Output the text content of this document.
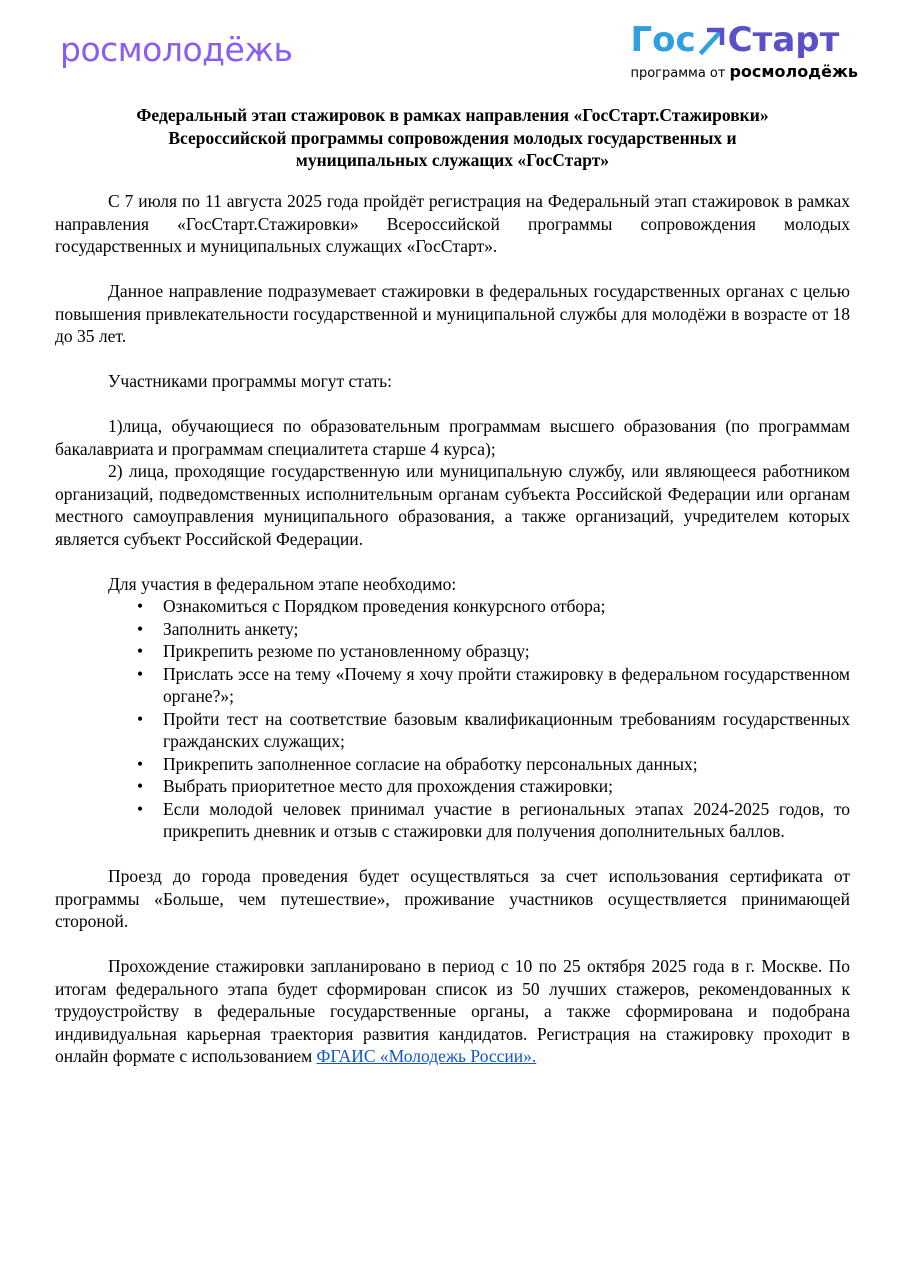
росмолодёжь	Гос Старт
программа от росмолодёжь
Федеральный этап стажировок в рамках направления «ГосСтарт.Стажировки»
Всероссийской программы сопровождения молодых государственных и
муниципальных служащих «ГосСтарт»

С 7 июля по 11 августа 2025 года пройдёт регистрация на Федеральный этап стажировок в рамках направления «ГосСтарт.Стажировки» Всероссийской программы сопровождения молодых государственных и муниципальных служащих «ГосСтарт».

Данное направление подразумевает стажировки в федеральных государственных органах с целью повышения привлекательности государственной и муниципальной службы для молодёжи в возрасте от 18 до 35 лет.

Участниками программы могут стать:

1)лица, обучающиеся по образовательным программам высшего образования (по программам бакалавриата и программам специалитета старше 4 курса);

2) лица, проходящие государственную или муниципальную службу, или являющееся работником организаций, подведомственных исполнительным органам субъекта Российской Федерации или органам местного самоуправления муниципального образования, а также организаций, учредителем которых является субъект Российской Федерации.

Для участия в федеральном этапе необходимо:

• Ознакомиться с Порядком проведения конкурсного отбора;
• Заполнить анкету;
• Прикрепить резюме по установленному образцу;
• Прислать эссе на тему «Почему я хочу пройти стажировку в федеральном государственном органе?»;
• Пройти тест на соответствие базовым квалификационным требованиям государственных гражданских служащих;
• Прикрепить заполненное согласие на обработку персональных данных;
• Выбрать приоритетное место для прохождения стажировки;
• Если молодой человек принимал участие в региональных этапах 2024-2025 годов, то прикрепить дневник и отзыв с стажировки для получения дополнительных баллов.

Проезд до города проведения будет осуществляться за счет использования сертификата от программы «Больше, чем путешествие», проживание участников осуществляется принимающей стороной.

Прохождение стажировки запланировано в период с 10 по 25 октября 2025 года в г. Москве. По итогам федерального этапа будет сформирован список из 50 лучших стажеров, рекомендованных к трудоустройству в федеральные государственные органы, а также сформирована и подобрана индивидуальная карьерная траектория развития кандидатов. Регистрация на стажировку проходит в онлайн формате с использованием ФГАИС «Молодежь России».
